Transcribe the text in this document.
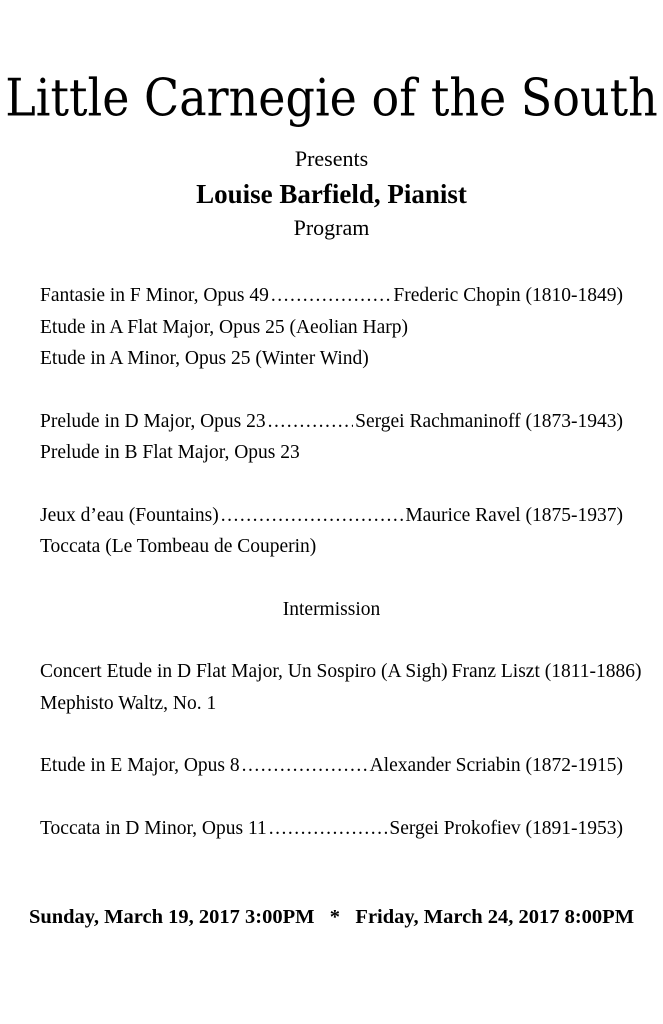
Little Carnegie of the South
Presents
Louise Barfield, Pianist
Program
Fantasie in F Minor, Opus 49 .....	Frederic Chopin (1810-1849)
Etude in A Flat Major, Opus 25 (Aeolian Harp)
Etude in A Minor, Opus 25 (Winter Wind)
Prelude in D Major, Opus 23 .....	Sergei Rachmaninoff (1873-1943)
Prelude in B Flat Major, Opus 23
Jeux d’eau (Fountains) .....	Maurice Ravel (1875-1937)
Toccata (Le Tombeau de Couperin)
Intermission
Concert Etude in D Flat Major, Un Sospiro (A Sigh) Franz Liszt (1811-1886)
Mephisto Waltz, No. 1
Etude in E Major, Opus 8 .....	Alexander Scriabin (1872-1915)
Toccata in D Minor, Opus 11 .....	Sergei Prokofiev (1891-1953)
Sunday, March 19, 2017 3:00PM   *   Friday, March 24, 2017 8:00PM
